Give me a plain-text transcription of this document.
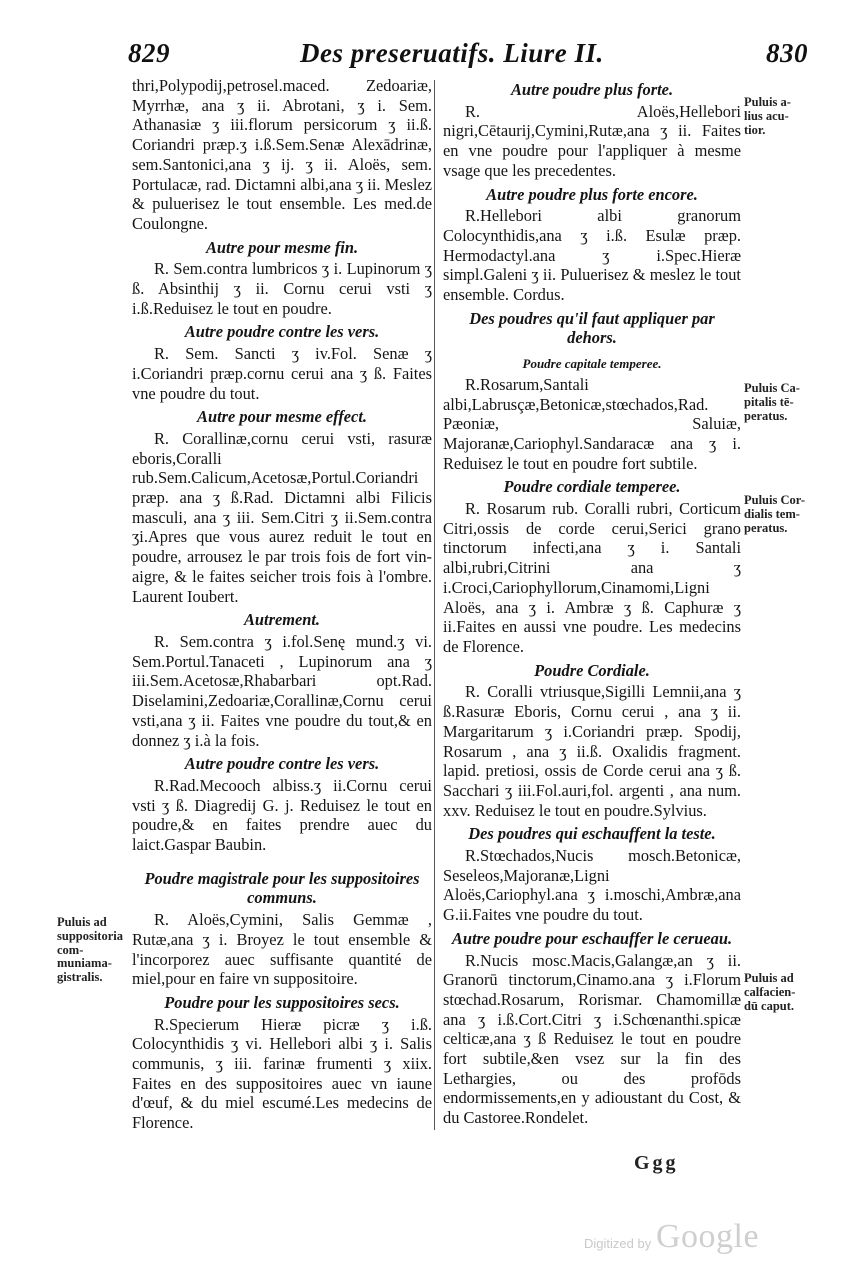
829	Des preseruatifs. Liure II.	830

thri,Polypodij,petrosel.maced. Zedoariæ, Myrrhæ, ana ʒ ii. Abrotani, ʒ i. Sem. Athanasiæ ʒ iii.florum persicorum ʒ ii.ß. Coriandri præp.ʒ i.ß.Sem.Senæ Alexādrinæ, sem.Santonici,ana ʒ ij. ʒ ii. Aloës, sem. Portulacæ, rad. Dictamni albi,ana ʒ ii. Meslez & puluerisez le tout ensemble. Les med.de Coulongne.

Autre pour mesme fin.

R. Sem.contra lumbricos ʒ i. Lupinorum ʒ ß. Absinthij ʒ ii. Cornu cerui vsti ʒ i.ß.Reduisez le tout en poudre.

Autre poudre contre les vers.

R. Sem. Sancti ʒ iv.Fol. Senæ ʒ i.Coriandri præp.cornu cerui ana ʒ ß. Faites vne poudre du tout.

Autre pour mesme effect.

R. Corallinæ,cornu cerui vsti, rasuræ eboris,Coralli rub.Sem.Calicum,Acetosæ,Portul.Coriandri præp. ana ʒ ß.Rad. Dictamni albi Filicis masculi, ana ʒ iii. Sem.Citri ʒ ii.Sem.contra ʒi.Apres que vous aurez reduit le tout en poudre, arrousez le par trois fois de fort vin-aigre, & le faites seicher trois fois à l'ombre. Laurent Ioubert.

Autrement.

R. Sem.contra ʒ i.fol.Senę mund.ʒ vi. Sem.Portul.Tanaceti , Lupinorum ana ʒ iii.Sem.Acetosæ,Rhabarbari opt.Rad. Diselamini,Zedoariæ,Corallinæ,Cornu cerui vsti,ana ʒ ii. Faites vne poudre du tout,& en donnez ʒ i.à la fois.

Autre poudre contre les vers.

R.Rad.Mecooch albiss.ʒ ii.Cornu cerui vsti ʒ ß. Diagredij G. j. Reduisez le tout en poudre,& en faites prendre auec du laict.Gaspar Baubin.

Poudre magistrale pour les suppositoires communs.

R. Aloës,Cymini, Salis Gemmæ , Rutæ,ana ʒ i. Broyez le tout ensemble & l'incorporez auec suffisante quantité de miel,pour en faire vn suppositoire.

Poudre pour les suppositoires secs.

R.Specierum Hieræ picræ ʒ i.ß. Colocynthidis ʒ vi. Hellebori albi ʒ i. Salis communis, ʒ iii. farinæ frumenti ʒ xiix. Faites en des suppositoires auec vn iaune d'œuf, & du miel escumé.Les medecins de Florence.

Autre poudre plus forte.

R. Aloës,Hellebori nigri,Cētaurij,Cymini,Rutæ,ana ʒ ii. Faites en vne poudre pour l'appliquer à mesme vsage que les precedentes.

Autre poudre plus forte encore.

R.Hellebori albi granorum Colocynthidis,ana ʒ i.ß. Esulæ præp. Hermodactyl.ana ʒ i.Spec.Hieræ simpl.Galeni ʒ ii. Puluerisez & meslez le tout ensemble. Cordus.

Des poudres qu'il faut appliquer par dehors.
Poudre capitale temperee.

R.Rosarum,Santali albi,Labrusçæ,Betonicæ,stœchados,Rad. Pæoniæ, Saluiæ, Majoranæ,Cariophyl.Sandaracæ ana ʒ i. Reduisez le tout en poudre fort subtile.

Poudre cordiale temperee.

R. Rosarum rub. Coralli rubri, Corticum Citri,ossis de corde cerui,Serici grano tinctorum infecti,ana ʒ i. Santali albi,rubri,Citrini ana ʒ i.Croci,Cariophyllorum,Cinamomi,Ligni Aloës, ana ʒ i. Ambræ ʒ ß. Caphuræ ʒ ii.Faites en aussi vne poudre. Les medecins de Florence.

Poudre Cordiale.

R. Coralli vtriusque,Sigilli Lemnii,ana ʒ ß.Rasuræ Eboris, Cornu cerui , ana ʒ ii. Margaritarum ʒ i.Coriandri præp. Spodij, Rosarum , ana ʒ ii.ß. Oxalidis fragment. lapid. pretiosi, ossis de Corde cerui ana ʒ ß. Sacchari ʒ iii.Fol.auri,fol. argenti , ana num. xxv. Reduisez le tout en poudre.Sylvius.

Des poudres qui eschauffent la teste.

R.Stœchados,Nucis mosch.Betonicæ, Seseleos,Majoranæ,Ligni Aloës,Cariophyl.ana ʒ i.moschi,Ambræ,ana G.ii.Faites vne poudre du tout.

Autre poudre pour eschauffer le cerueau.

R.Nucis mosc.Macis,Galangæ,an ʒ ii. Granorū tinctorum,Cinamo.ana ʒ i.Florum stœchad.Rosarum, Rorismar. Chamomillæ ana ʒ i.ß.Cort.Citri ʒ i.Schœnanthi.spicæ celticæ,ana ʒ ß Reduisez le tout en poudre fort subtile,&en vsez sur la fin des Lethargies, ou des profōds endormissements,en y adioustant du Cost, & du Castoree.Rondelet.

Puluis ad
suppositoria com-
muniama-
gistralis.
Puluis a-
lius acu-
tior.
Puluis Ca-
pitalis tē-
peratus.
Puluis Cor-
dialis tem-
peratus.
Puluis ad
calfacien-
dū caput.
Ggg
Digitized by Google
